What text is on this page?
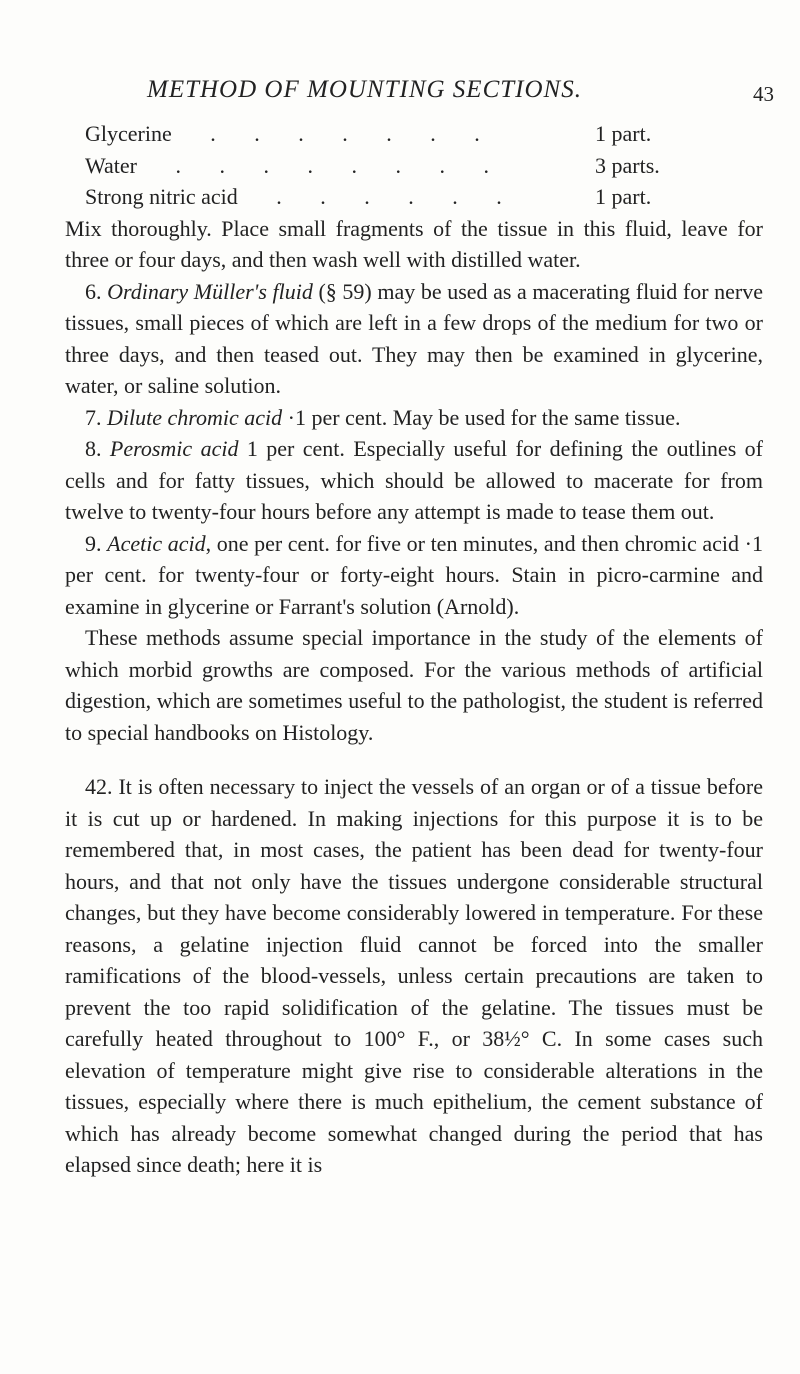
METHOD OF MOUNTING SECTIONS.	43
Glycerine       .       .       .       .       .       .       .	1 part.
Water       .       .       .       .       .       .       .       .	3 parts.
Strong nitric acid       .       .       .       .       .       .	1 part.

Mix thoroughly. Place small fragments of the tissue in this fluid, leave for three or four days, and then wash well with distilled water.

6. Ordinary Müller's fluid (§ 59) may be used as a macerating fluid for nerve tissues, small pieces of which are left in a few drops of the medium for two or three days, and then teased out. They may then be examined in glycerine, water, or saline solution.

7. Dilute chromic acid ·1 per cent. May be used for the same tissue.

8. Perosmic acid 1 per cent. Especially useful for defining the outlines of cells and for fatty tissues, which should be allowed to macerate for from twelve to twenty-four hours before any attempt is made to tease them out.

9. Acetic acid, one per cent. for five or ten minutes, and then chromic acid ·1 per cent. for twenty-four or forty-eight hours. Stain in picro-carmine and examine in glycerine or Farrant's solution (Arnold).

These methods assume special importance in the study of the elements of which morbid growths are composed. For the various methods of artificial digestion, which are sometimes useful to the pathologist, the student is referred to special handbooks on Histology.

42. It is often necessary to inject the vessels of an organ or of a tissue before it is cut up or hardened. In making injections for this purpose it is to be remembered that, in most cases, the patient has been dead for twenty-four hours, and that not only have the tissues undergone considerable structural changes, but they have become considerably lowered in temperature. For these reasons, a gelatine injection fluid cannot be forced into the smaller ramifications of the blood-vessels, unless certain precautions are taken to prevent the too rapid solidification of the gelatine. The tissues must be carefully heated throughout to 100° F., or 38½° C. In some cases such elevation of temperature might give rise to considerable alterations in the tissues, especially where there is much epithelium, the cement substance of which has already become somewhat changed during the period that has elapsed since death; here it is
